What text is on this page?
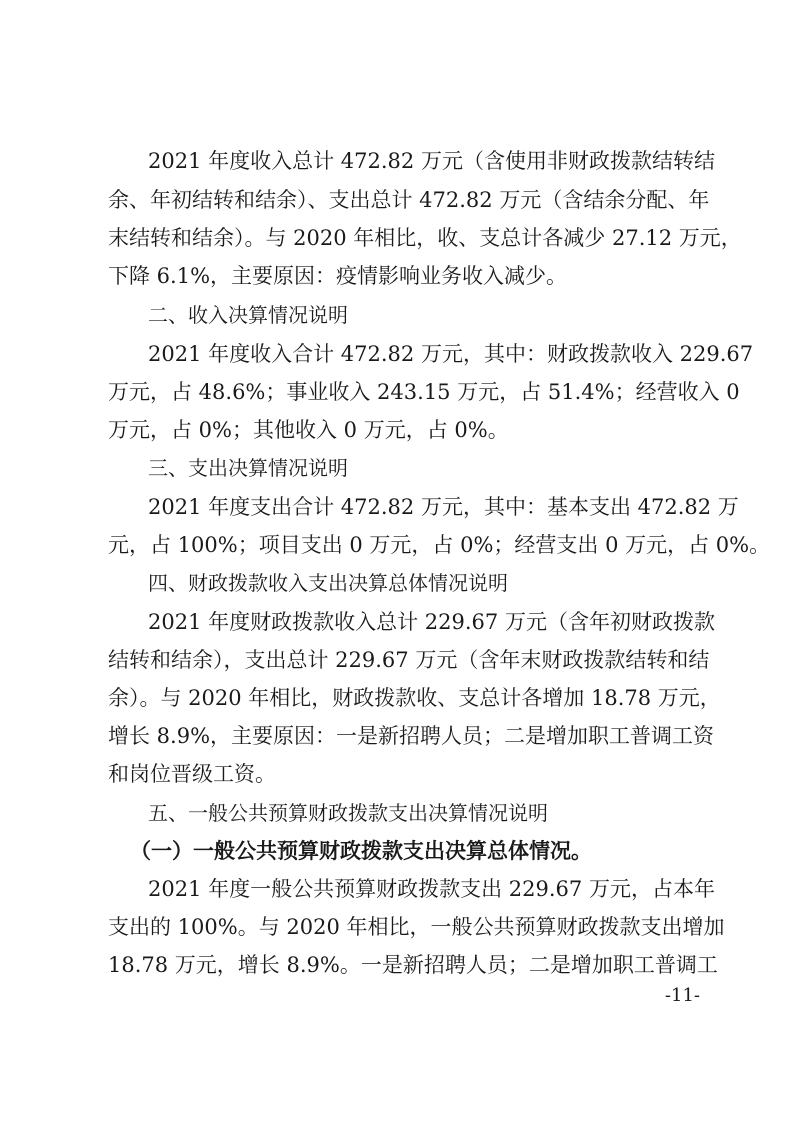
2021 年度收入总计 472.82 万元（含使用非财政拨款结转结
余、年初结转和结余）、支出总计 472.82 万元（含结余分配、年
末结转和结余）。与 2020 年相比，收、支总计各减少 27.12 万元，
下降 6.1%，主要原因：疫情影响业务收入减少。
二、收入决算情况说明
2021 年度收入合计 472.82 万元，其中：财政拨款收入 229.67
万元，占 48.6%；事业收入 243.15 万元，占 51.4%；经营收入 0
万元，占 0%；其他收入 0 万元，占 0%。
三、支出决算情况说明
2021 年度支出合计 472.82 万元，其中：基本支出 472.82 万
元，占 100%；项目支出 0 万元，占 0%；经营支出 0 万元，占 0%。
四、财政拨款收入支出决算总体情况说明
2021 年度财政拨款收入总计 229.67 万元（含年初财政拨款
结转和结余），支出总计 229.67 万元（含年末财政拨款结转和结
余）。与 2020 年相比，财政拨款收、支总计各增加 18.78 万元，
增长 8.9%，主要原因：一是新招聘人员；二是增加职工普调工资
和岗位晋级工资。
五、一般公共预算财政拨款支出决算情况说明
（一）一般公共预算财政拨款支出决算总体情况。
2021 年度一般公共预算财政拨款支出 229.67 万元，占本年
支出的 100%。与 2020 年相比，一般公共预算财政拨款支出增加
18.78 万元，增长 8.9%。一是新招聘人员；二是增加职工普调工
-11-
